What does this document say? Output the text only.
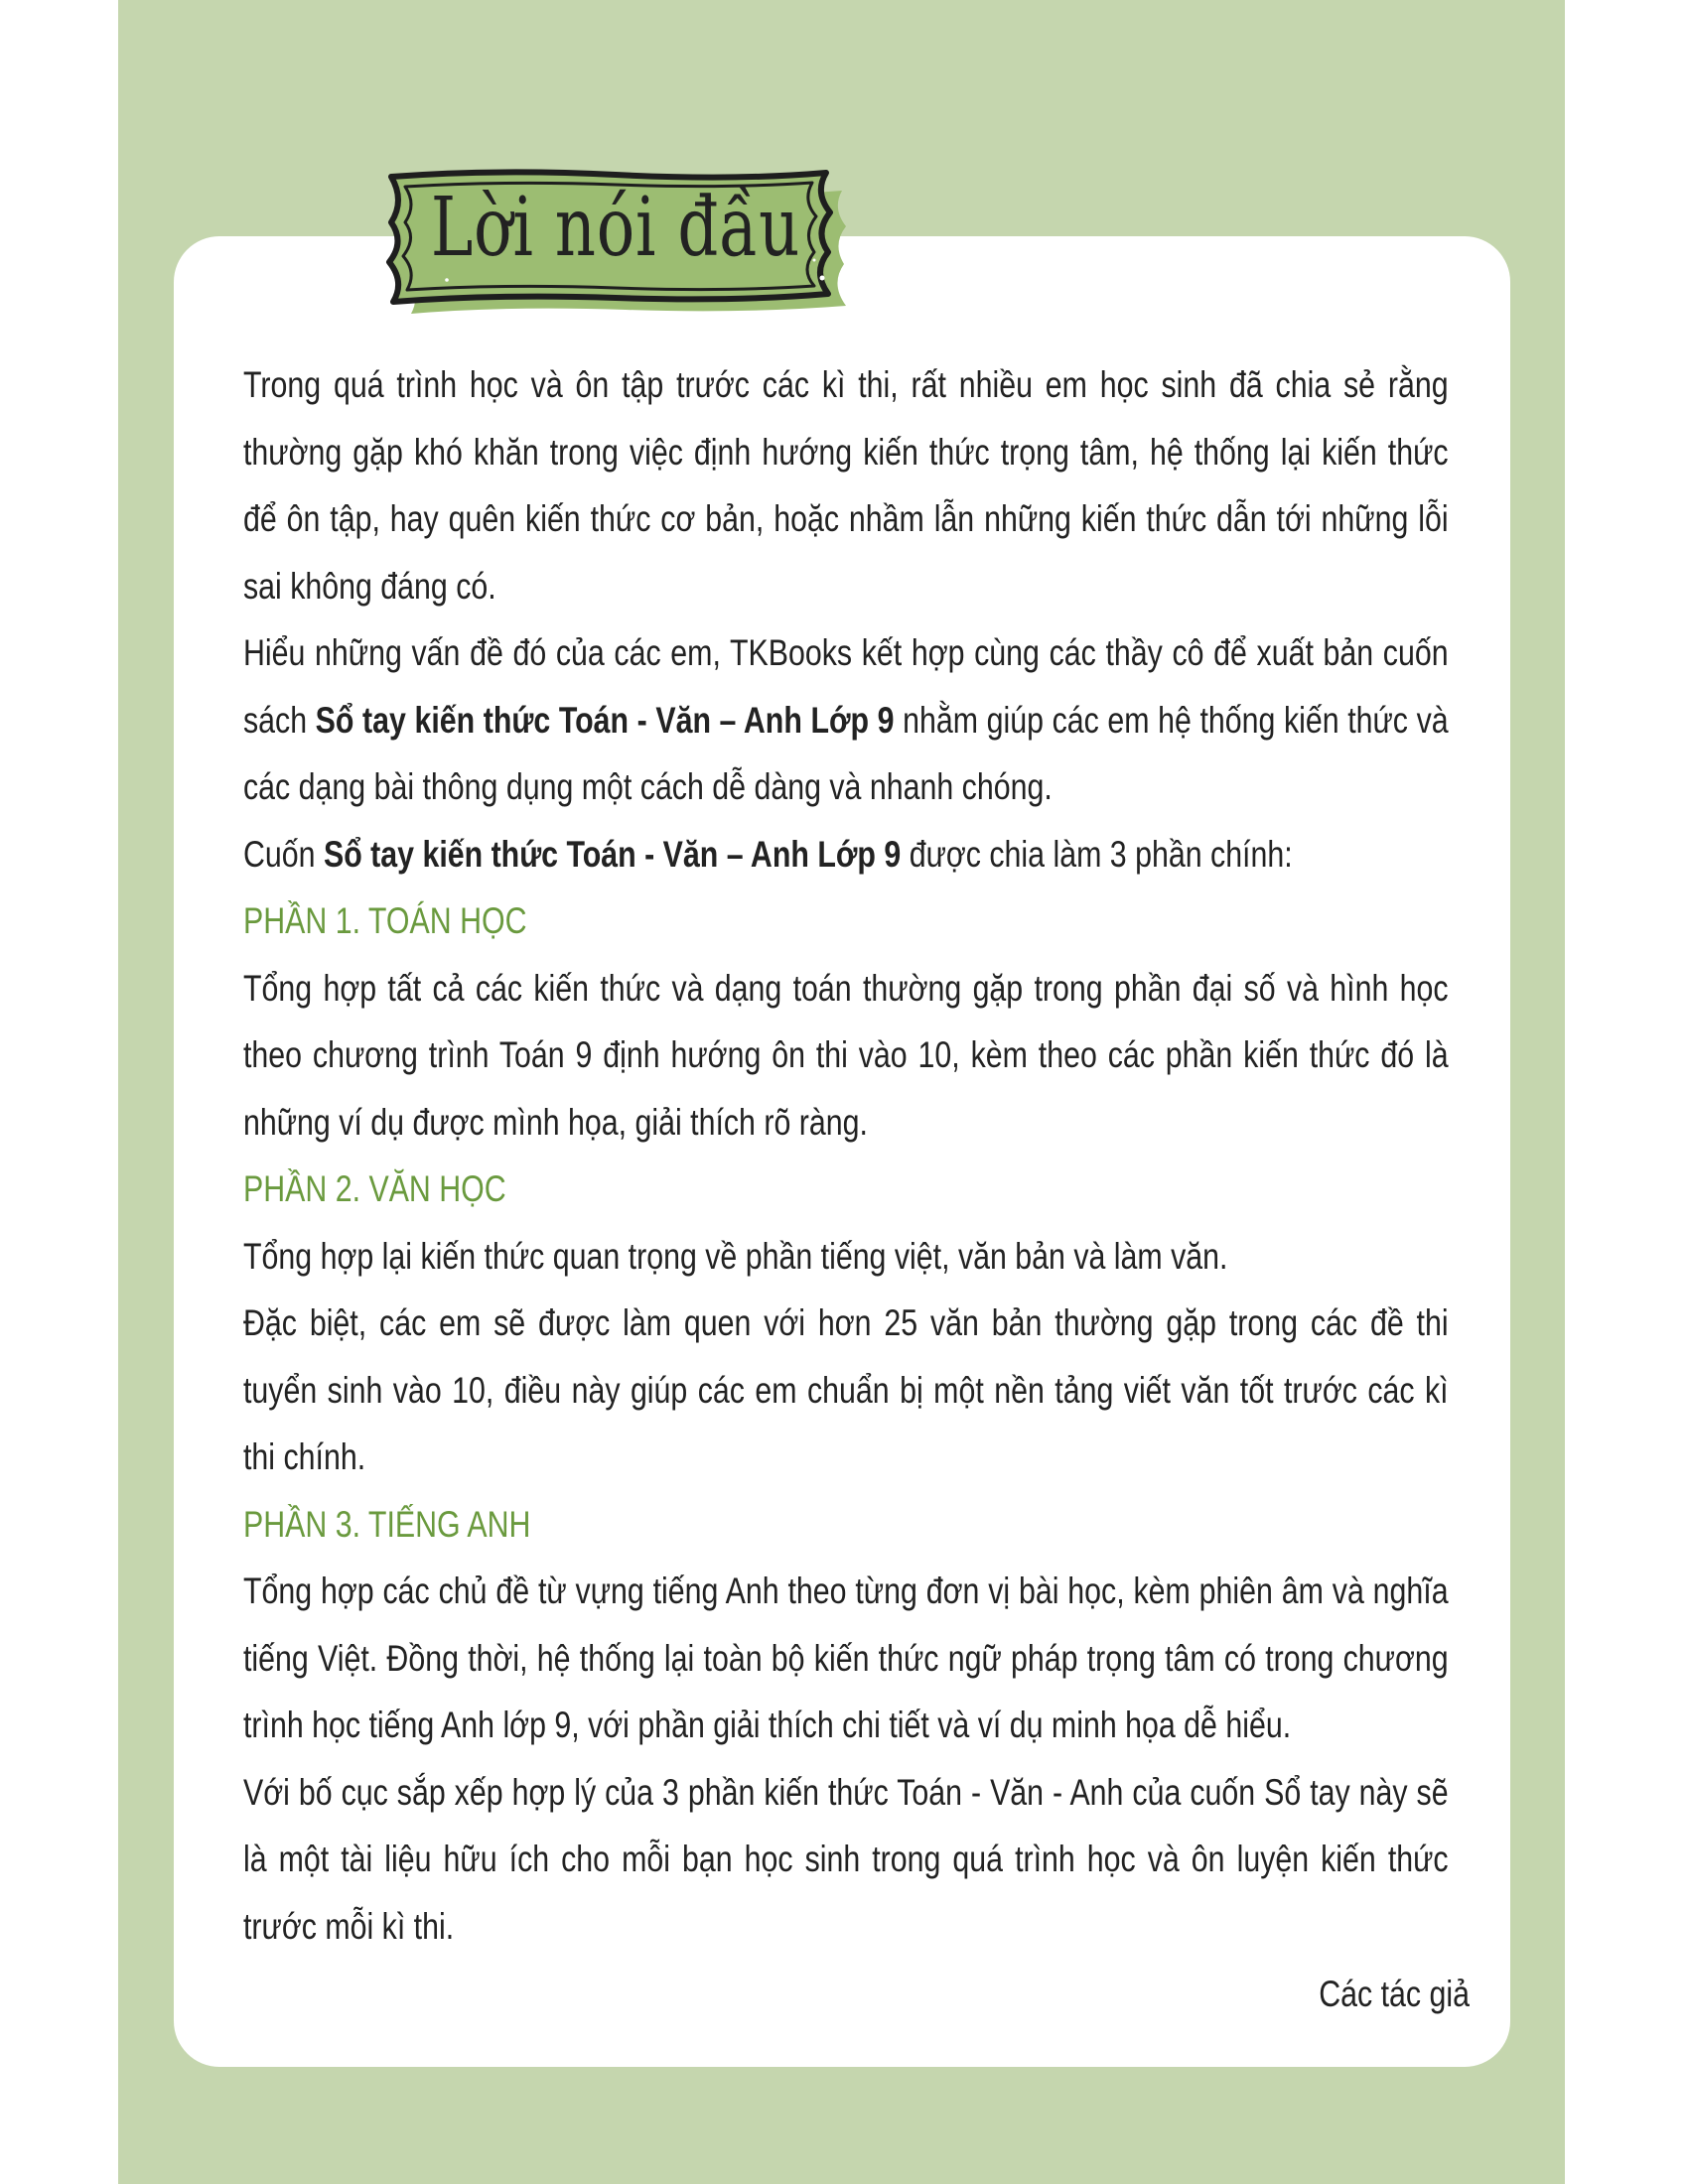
Lời nói đầu

Trong quá trình học và ôn tập trước các kì thi, rất nhiều em học sinh đã chia sẻ rằng thường gặp khó khăn trong việc định hướng kiến thức trọng tâm, hệ thống lại kiến thức để ôn tập, hay quên kiến thức cơ bản, hoặc nhầm lẫn những kiến thức dẫn tới những lỗi sai không đáng có.

Hiểu những vấn đề đó của các em, TKBooks kết hợp cùng các thầy cô để xuất bản cuốn sách Sổ tay kiến thức Toán - Văn – Anh Lớp 9 nhằm giúp các em hệ thống kiến thức và các dạng bài thông dụng một cách dễ dàng và nhanh chóng.

Cuốn Sổ tay kiến thức Toán - Văn – Anh Lớp 9 được chia làm 3 phần chính:

PHẦN 1. TOÁN HỌC

Tổng hợp tất cả các kiến thức và dạng toán thường gặp trong phần đại số và hình học theo chương trình Toán 9 định hướng ôn thi vào 10, kèm theo các phần kiến thức đó là những ví dụ được mình họa, giải thích rõ ràng.

PHẦN 2. VĂN HỌC

Tổng hợp lại kiến thức quan trọng về phần tiếng việt, văn bản và làm văn.

Đặc biệt, các em sẽ được làm quen với hơn 25 văn bản thường gặp trong các đề thi tuyển sinh vào 10, điều này giúp các em chuẩn bị một nền tảng viết văn tốt trước các kì thi chính.

PHẦN 3. TIẾNG ANH

Tổng hợp các chủ đề từ vựng tiếng Anh theo từng đơn vị bài học, kèm phiên âm và nghĩa tiếng Việt. Đồng thời, hệ thống lại toàn bộ kiến thức ngữ pháp trọng tâm có trong chương trình học tiếng Anh lớp 9, với phần giải thích chi tiết và ví dụ minh họa dễ hiểu.

Với bố cục sắp xếp hợp lý của 3 phần kiến thức Toán - Văn - Anh của cuốn Sổ tay này sẽ là một tài liệu hữu ích cho mỗi bạn học sinh trong quá trình học và ôn luyện kiến thức trước mỗi kì thi.

Các tác giả
